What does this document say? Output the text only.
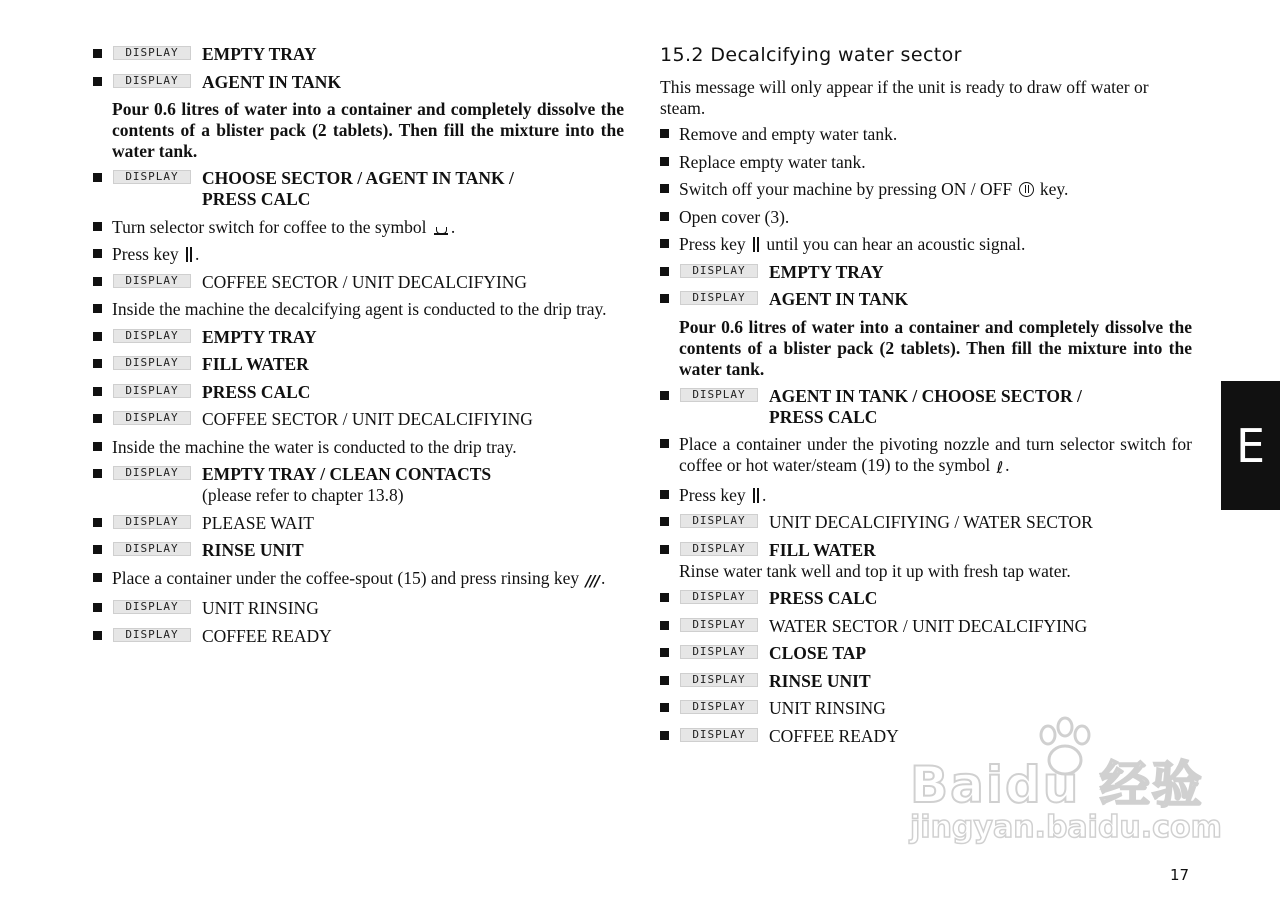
DISPLAY	EMPTY TRAY
DISPLAY	AGENT IN TANK

Pour 0.6 litres of water into a container and completely dissolve the contents of a blister pack (2 tablets). Then fill the mixture into the water tank.

DISPLAY	CHOOSE SECTOR / AGENT IN TANK /
PRESS CALC
Turn selector switch for coffee to the symbol .
Press key .
DISPLAY	COFFEE SECTOR / UNIT DECALCIFYING
Inside the machine the decalcifying agent is conducted to the drip tray.
DISPLAY	EMPTY TRAY
DISPLAY	FILL WATER
DISPLAY	PRESS CALC
DISPLAY	COFFEE SECTOR / UNIT DECALCIFIYING
Inside the machine the water is conducted to the drip tray.
DISPLAY	EMPTY TRAY / CLEAN CONTACTS
(please refer to chapter 13.8)
DISPLAY	PLEASE WAIT
DISPLAY	RINSE UNIT
Place a container under the coffee-spout (15) and press rinsing key /// .
DISPLAY	UNIT RINSING
DISPLAY	COFFEE READY
15.2 Decalcifying water sector

This message will only appear if the unit is ready to draw off water or steam.

Remove and empty water tank.
Replace empty water tank.
Switch off your machine by pressing ON / OFF key.
Open cover (3).
Press key until you can hear an acoustic signal.
DISPLAY	EMPTY TRAY
DISPLAY	AGENT IN TANK

Pour 0.6 litres of water into a container and completely dissolve the contents of a blister pack (2 tablets). Then fill the mixture into the water tank.

DISPLAY	AGENT IN TANK / CHOOSE SECTOR /
PRESS CALC
Place a container under the pivoting nozzle and turn selector switch for coffee or hot water/steam (19) to the symbol ℓ .
Press key .
DISPLAY	UNIT DECALCIFIYING / WATER SECTOR
DISPLAY	FILL WATER
Rinse water tank well and top it up with fresh tap water.
DISPLAY	PRESS CALC
DISPLAY	WATER SECTOR / UNIT DECALCIFYING
DISPLAY	CLOSE TAP
DISPLAY	RINSE UNIT
DISPLAY	UNIT RINSING
DISPLAY	COFFEE READY
E
Baidu 经验
jingyan.baidu.com
17
